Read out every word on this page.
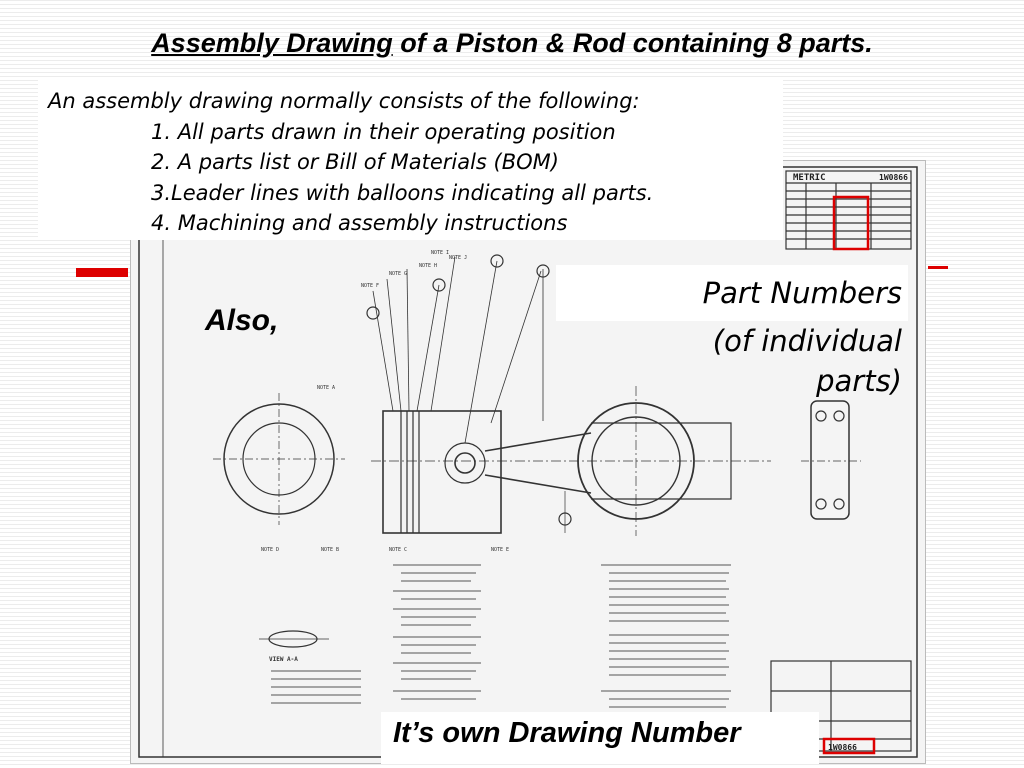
Assembly Drawing of a Piston & Rod containing 8 parts.
METRIC	1W0866
1W0866
VIEW A-A
NOTE A
NOTE B	NOTE C
NOTE D	NOTE E
NOTE F
NOTE G
NOTE H
NOTE I
NOTE J
An assembly drawing normally consists of the following:
1. All parts drawn in their operating position
2. A parts list or Bill of Materials (BOM)
3.Leader lines with balloons indicating all parts.
4. Machining and assembly instructions
Also,
Part Numbers
(of individual
parts)
It’s own Drawing Number
